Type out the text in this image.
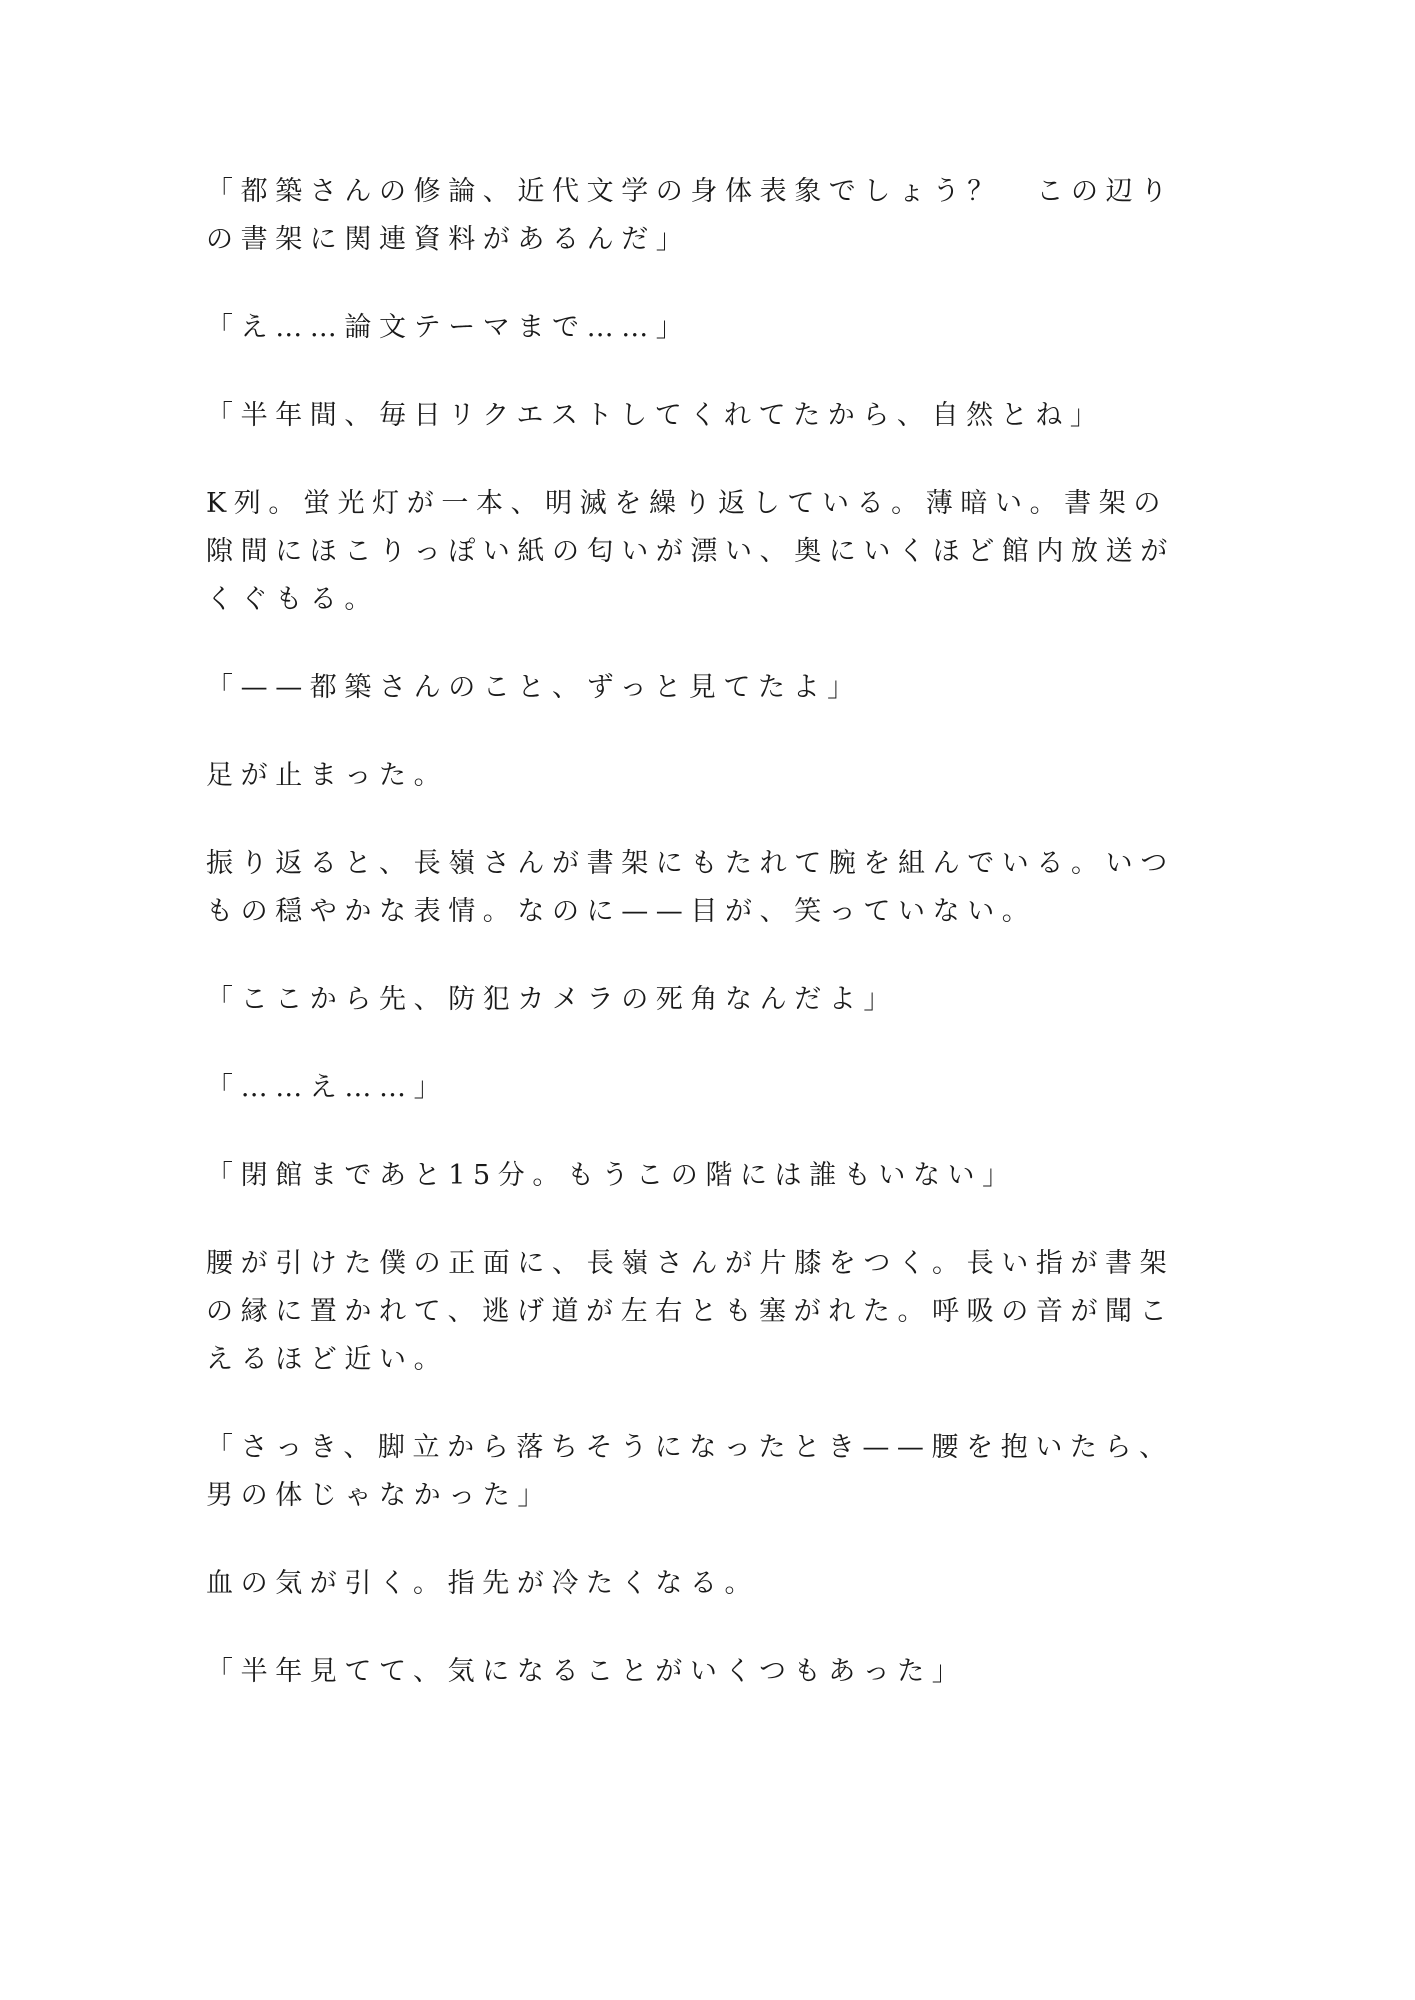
「都築さんの修論、近代文学の身体表象でしょう？　この辺りの書架に関連資料があるんだ」

「え……論文テーマまで……」

「半年間、毎日リクエストしてくれてたから、自然とね」

K列。蛍光灯が一本、明滅を繰り返している。薄暗い。書架の隙間にほこりっぽい紙の匂いが漂い、奥にいくほど館内放送がくぐもる。

「——都築さんのこと、ずっと見てたよ」

足が止まった。

振り返ると、長嶺さんが書架にもたれて腕を組んでいる。いつもの穏やかな表情。なのに——目が、笑っていない。

「ここから先、防犯カメラの死角なんだよ」

「……え……」

「閉館まであと15分。もうこの階には誰もいない」

腰が引けた僕の正面に、長嶺さんが片膝をつく。長い指が書架の縁に置かれて、逃げ道が左右とも塞がれた。呼吸の音が聞こえるほど近い。

「さっき、脚立から落ちそうになったとき——腰を抱いたら、男の体じゃなかった」

血の気が引く。指先が冷たくなる。

「半年見てて、気になることがいくつもあった」
